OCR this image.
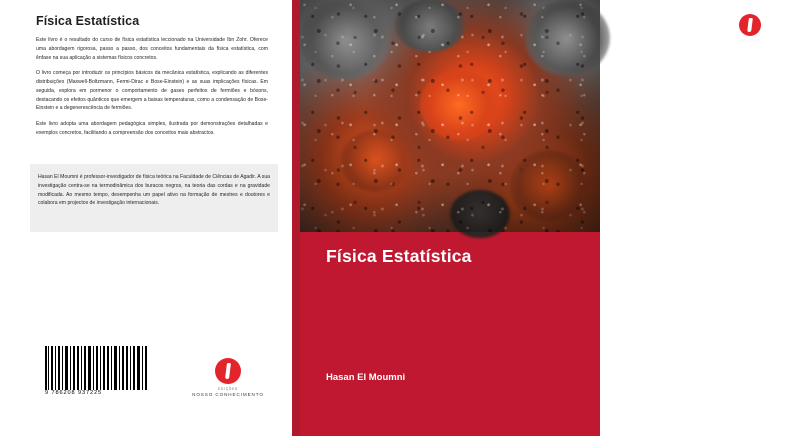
Física Estatística

Este livro é o resultado do curso de física estatística leccionado na Universidade Ibn Zohr. Oferece uma abordagem rigorosa, passo a passo, dos conceitos fundamentais da física estatística, com ênfase na sua aplicação a sistemas físicos concretos.

O livro começa por introduzir os princípios básicos da mecânica estatística, explicando as diferentes distribuições (Maxwell-Boltzmann, Fermi-Dirac e Bose-Einstein) e as suas implicações físicas. Em seguida, explora em pormenor o comportamento de gases perfeitos de fermiões e bósons, destacando os efeitos quânticos que emergem a baixas temperaturas, como a condensação de Bose-Einstein e a degenerescência de fermiões.

Este livro adopta uma abordagem pedagógica simples, ilustrada por demonstrações detalhadas e exemplos concretos, facilitando a compreensão dos conceitos mais abstractos.

Hasan El Moumni é professor-investigador de física teórica na Faculdade de Ciências de Agadir. A sua investigação centra-se na termodinâmica dos buracos negros, na teoria das cordas e na gravidade modificada. Ao mesmo tempo, desempenha um papel ativo na formação de mestres e doutores e colabora em projectos de investigação internacionais.

9 786208 937225
EDIÇÕES
NOSSO CONHECIMENTO
EDIÇÕES
NOSSO CONHECIMENTO
Física Estatística
Hasan El Moumni
